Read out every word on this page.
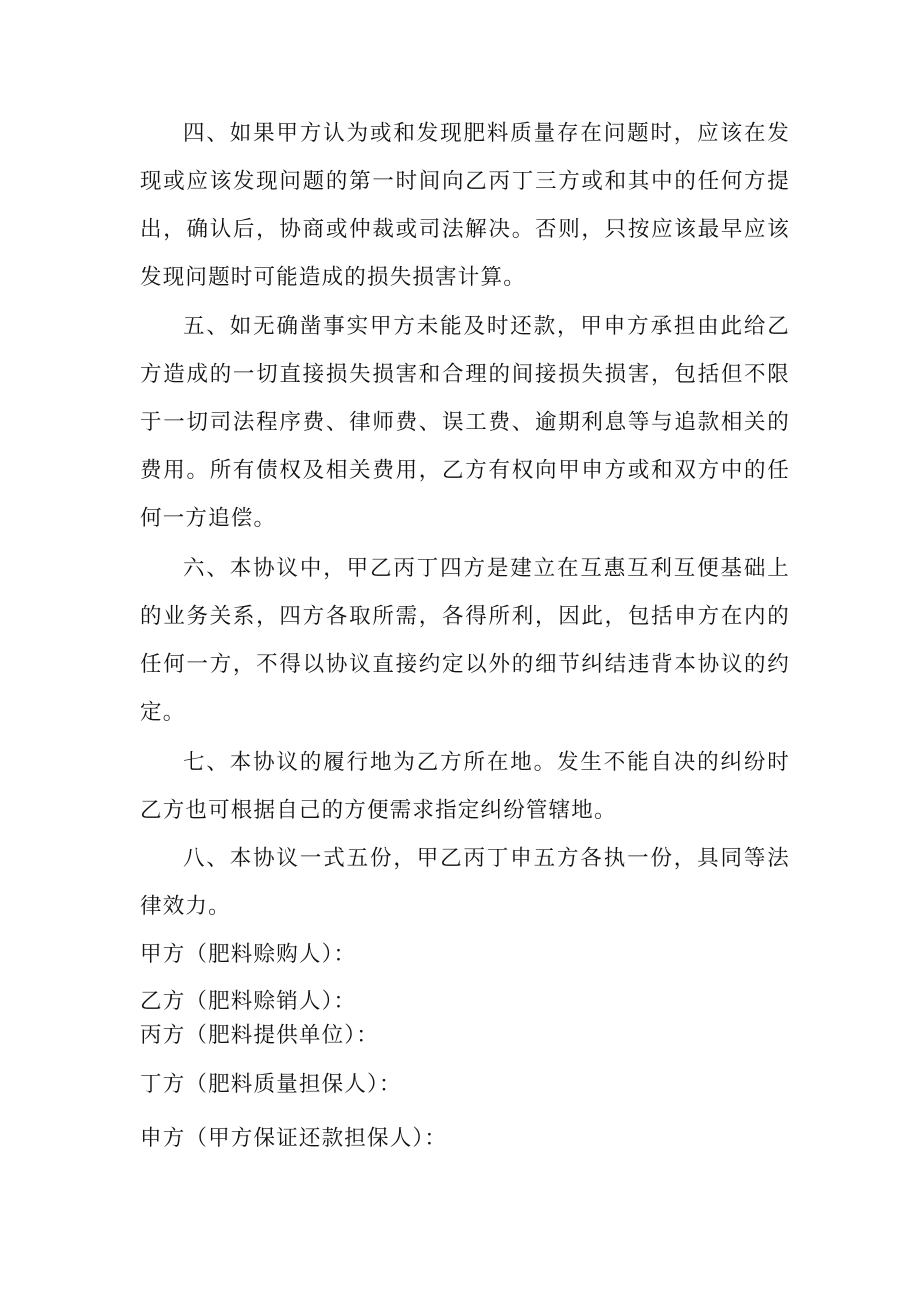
四、如果甲方认为或和发现肥料质量存在问题时，应该在发现或应该发现问题的第一时间向乙丙丁三方或和其中的任何方提出，确认后，协商或仲裁或司法解决。否则，只按应该最早应该发现问题时可能造成的损失损害计算。

五、如无确凿事实甲方未能及时还款，甲申方承担由此给乙方造成的一切直接损失损害和合理的间接损失损害，包括但不限于一切司法程序费、律师费、误工费、逾期利息等与追款相关的费用。所有债权及相关费用，乙方有权向甲申方或和双方中的任何一方追偿。

六、本协议中，甲乙丙丁四方是建立在互惠互利互便基础上的业务关系，四方各取所需，各得所利，因此，包括申方在内的任何一方，不得以协议直接约定以外的细节纠结违背本协议的约定。

七、本协议的履行地为乙方所在地。发生不能自决的纠纷时乙方也可根据自己的方便需求指定纠纷管辖地。

八、本协议一式五份，甲乙丙丁申五方各执一份，具同等法律效力。

甲方（肥料赊购人）：

乙方（肥料赊销人）：

丙方（肥料提供单位）：

丁方（肥料质量担保人）：

申方（甲方保证还款担保人）：
